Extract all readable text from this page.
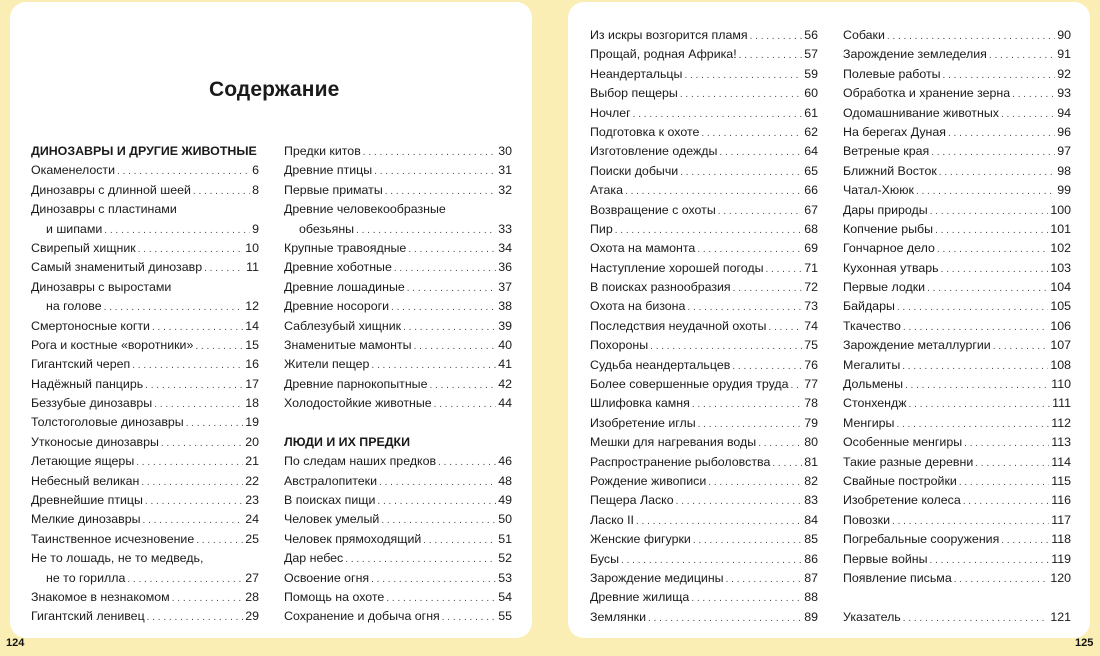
Содержание
ДИНОЗАВРЫ И ДРУГИЕ ЖИВОТНЫЕ
Окаменелости . . .	6
Динозавры с длинной шеей . . .	8
Динозавры с пластинами
и шипами . . .	9
Свирепый хищник . . .	10
Самый знаменитый динозавр . . .	11
Динозавры с выростами
на голове . . .	12
Смертоносные когти . . .	14
Рога и костные «воротники» . . .	15
Гигантский череп . . .	16
Надёжный панцирь . . .	17
Беззубые динозавры . . .	18
Толстоголовые динозавры . . .	19
Утконосые динозавры . . .	20
Летающие ящеры . . .	21
Небесный великан . . .	22
Древнейшие птицы . . .	23
Мелкие динозавры . . .	24
Таинственное исчезновение . . .	25
Не то лошадь, не то медведь,
не то горилла . . .	27
Знакомое в незнакомом . . .	28
Гигантский ленивец . . .	29
Предки китов . . .	30
Древние птицы . . .	31
Первые приматы . . .	32
Древние человекообразные
обезьяны . . .	33
Крупные травоядные . . .	34
Древние хоботные . . .	36
Древние лошадиные . . .	37
Древние носороги . . .	38
Саблезубый хищник . . .	39
Знаменитые мамонты . . .	40
Жители пещер . . .	41
Древние парнокопытные . . .	42
Холодостойкие животные . . .	44
ЛЮДИ И ИХ ПРЕДКИ
По следам наших предков . . .	46
Австралопитеки . . .	48
В поисках пищи . . .	49
Человек умелый . . .	50
Человек прямоходящий . . .	51
Дар небес . . .	52
Освоение огня . . .	53
Помощь на охоте . . .	54
Сохранение и добыча огня . . .	55
Из искры возгорится пламя . . .	56
Прощай, родная Африка! . . .	57
Неандертальцы . . .	59
Выбор пещеры . . .	60
Ночлег . . .	61
Подготовка к охоте . . .	62
Изготовление одежды . . .	64
Поиски добычи . . .	65
Атака . . .	66
Возвращение с охоты . . .	67
Пир . . .	68
Охота на мамонта . . .	69
Наступление хорошей погоды . . .	71
В поисках разнообразия . . .	72
Охота на бизона . . .	73
Последствия неудачной охоты . . .	74
Похороны . . .	75
Судьба неандертальцев . . .	76
Более совершенные орудия труда . . . 77
Шлифовка камня . . .	78
Изобретение иглы . . .	79
Мешки для нагревания воды . . .	80
Распространение рыболовства . . .	81
Рождение живописи . . .	82
Пещера Ласко . . .	83
Ласко II . . .	84
Женские фигурки . . .	85
Бусы . . .	86
Зарождение медицины . . .	87
Древние жилища . . .	88
Землянки . . .	89
Собаки . . .	90
Зарождение земледелия . . .	91
Полевые работы . . .	92
Обработка и хранение зерна . . .	93
Одомашнивание животных . . .	94
На берегах Дуная . . .	96
Ветреные края . . .	97
Ближний Восток . . .	98
Чатал-Хююк . . .	99
Дары природы . . .	100
Копчение рыбы . . .	101
Гончарное дело . . .	102
Кухонная утварь . . .	103
Первые лодки . . .	104
Байдары . . .	105
Ткачество . . .	106
Зарождение металлургии . . .	107
Мегалиты . . .	108
Дольмены . . .	110
Стонхендж . . .	111
Менгиры . . .	112
Особенные менгиры . . .	113
Такие разные деревни . . .	114
Свайные постройки . . .	115
Изобретение колеса . . .	116
Повозки . . .	117
Погребальные сооружения . . .	118
Первые войны . . .	119
Появление письма . . .	120
Указатель . . .	121
124	125
